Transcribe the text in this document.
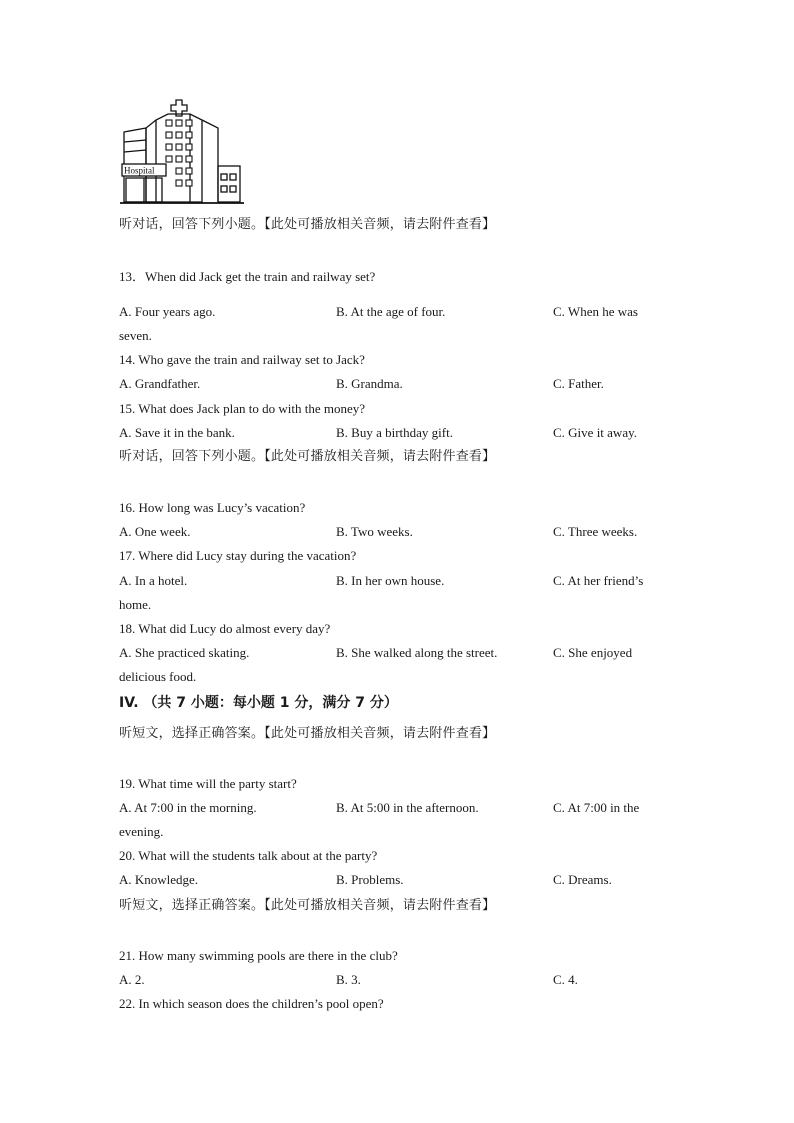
Hospital
听对话，回答下列小题。【此处可播放相关音频，请去附件查看】
13．When did Jack get the train and railway set?
A. Four years ago.	B. At the age of four.	C. When he was
seven.
14. Who gave the train and railway set to Jack?
A. Grandfather.	B. Grandma.	C. Father.
15. What does Jack plan to do with the money?
A. Save it in the bank.	B. Buy a birthday gift.	C. Give it away.
听对话，回答下列小题。【此处可播放相关音频，请去附件查看】
16. How long was Lucy’s vacation?
A. One week.	B. Two weeks.	C. Three weeks.
17. Where did Lucy stay during the vacation?
A. In a hotel.	B. In her own house.	C. At her friend’s
home.
18. What did Lucy do almost every day?
A. She practiced skating.	B. She walked along the street.	C. She enjoyed
delicious food.
IV. （共 7 小题：每小题 1 分，满分 7 分）
听短文，选择正确答案。【此处可播放相关音频，请去附件查看】
19. What time will the party start?
A. At 7:00 in the morning.	B. At 5:00 in the afternoon.	C. At 7:00 in the
evening.
20. What will the students talk about at the party?
A. Knowledge.	B. Problems.	C. Dreams.
听短文，选择正确答案。【此处可播放相关音频，请去附件查看】
21. How many swimming pools are there in the club?
A. 2.	B. 3.	C. 4.
22. In which season does the children’s pool open?
